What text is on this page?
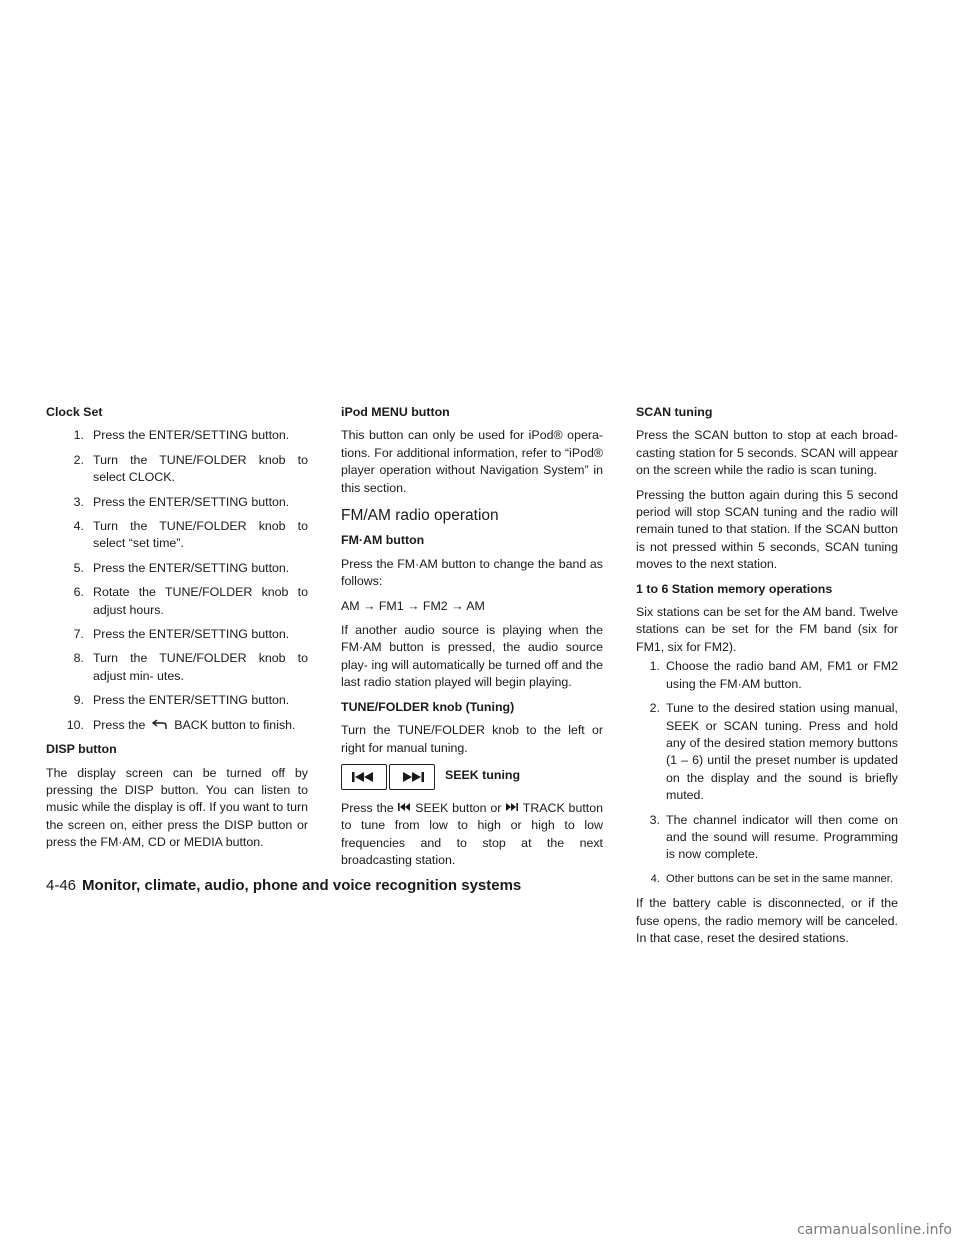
Clock Set
1. Press the ENTER/SETTING button.
2. Turn the TUNE/FOLDER knob to select CLOCK.
3. Press the ENTER/SETTING button.
4. Turn the TUNE/FOLDER knob to select “set time”.
5. Press the ENTER/SETTING button.
6. Rotate the TUNE/FOLDER knob to adjust hours.
7. Press the ENTER/SETTING button.
8. Turn the TUNE/FOLDER knob to adjust min- utes.
9. Press the ENTER/SETTING button.
10. Press the BACK button to finish.
DISP button

The display screen can be turned off by pressing the DISP button. You can listen to music while the display is off. If you want to turn the screen on, either press the DISP button or press the FM·AM, CD or MEDIA button.

iPod MENU button

This button can only be used for iPod® opera- tions. For additional information, refer to “iPod® player operation without Navigation System” in this section.

FM/AM radio operation
FM·AM button

Press the FM·AM button to change the band as follows:

AM → FM1 → FM2 → AM

If another audio source is playing when the FM·AM button is pressed, the audio source play- ing will automatically be turned off and the last radio station played will begin playing.

TUNE/FOLDER knob (Tuning)

Turn the TUNE/FOLDER knob to the left or right for manual tuning.

SEEK tuning

Press the SEEK button or TRACK button to tune from low to high or high to low frequencies and to stop at the next broadcasting station.

SCAN tuning

Press the SCAN button to stop at each broad- casting station for 5 seconds. SCAN will appear on the screen while the radio is scan tuning.

Pressing the button again during this 5 second period will stop SCAN tuning and the radio will remain tuned to that station. If the SCAN button is not pressed within 5 seconds, SCAN tuning moves to the next station.

1 to 6 Station memory operations

Six stations can be set for the AM band. Twelve stations can be set for the FM band (six for FM1, six for FM2).

1. Choose the radio band AM, FM1 or FM2 using the FM·AM button.
2. Tune to the desired station using manual, SEEK or SCAN tuning. Press and hold any of the desired station memory buttons (1 – 6) until the preset number is updated on the display and the sound is briefly muted.
3. The channel indicator will then come on and the sound will resume. Programming is now complete.
4. Other buttons can be set in the same manner.

If the battery cable is disconnected, or if the fuse opens, the radio memory will be canceled. In that case, reset the desired stations.

4-46 Monitor, climate, audio, phone and voice recognition systems
carmanualsonline.info
